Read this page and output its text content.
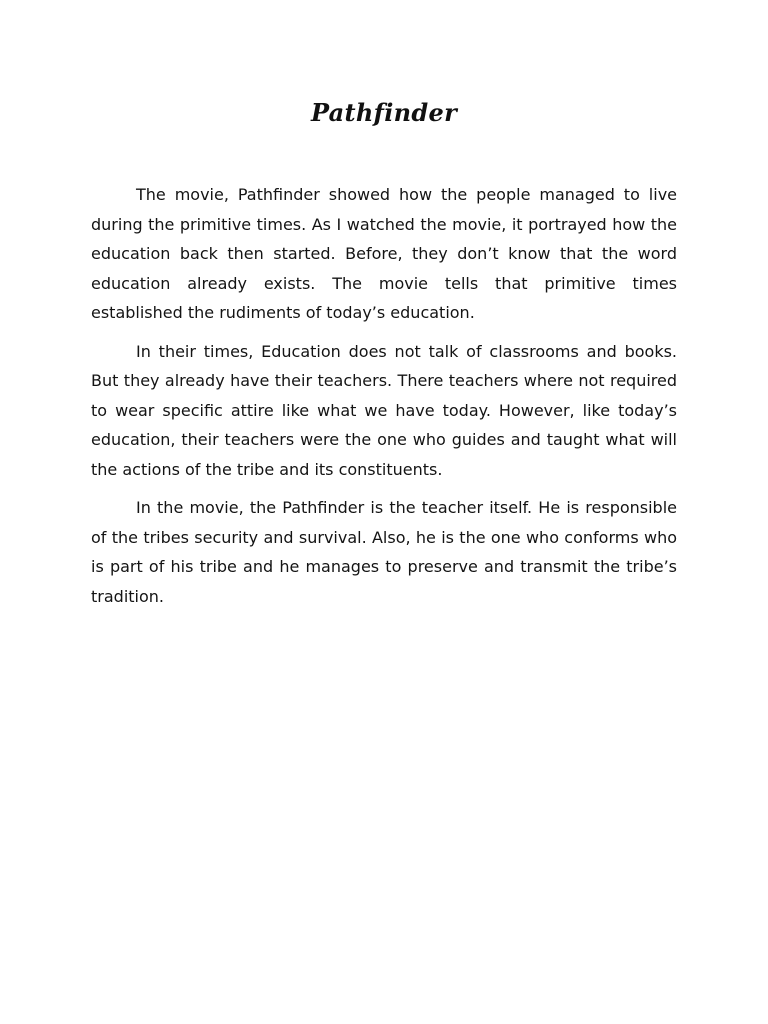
Pathfinder

The movie, Pathfinder showed how the people managed to live during the primitive times. As I watched the movie, it portrayed how the education back then started. Before, they don’t know that the word education already exists. The movie tells that primitive times established the rudiments of today’s education.

In their times, Education does not talk of classrooms and books. But they already have their teachers. There teachers where not required to wear specific attire like what we have today. However, like today’s education, their teachers were the one who guides and taught what will the actions of the tribe and its constituents.

In the movie, the Pathfinder is the teacher itself. He is responsible of the tribes security and survival. Also, he is the one who conforms who is part of his tribe and he manages to preserve and transmit the tribe’s tradition.
